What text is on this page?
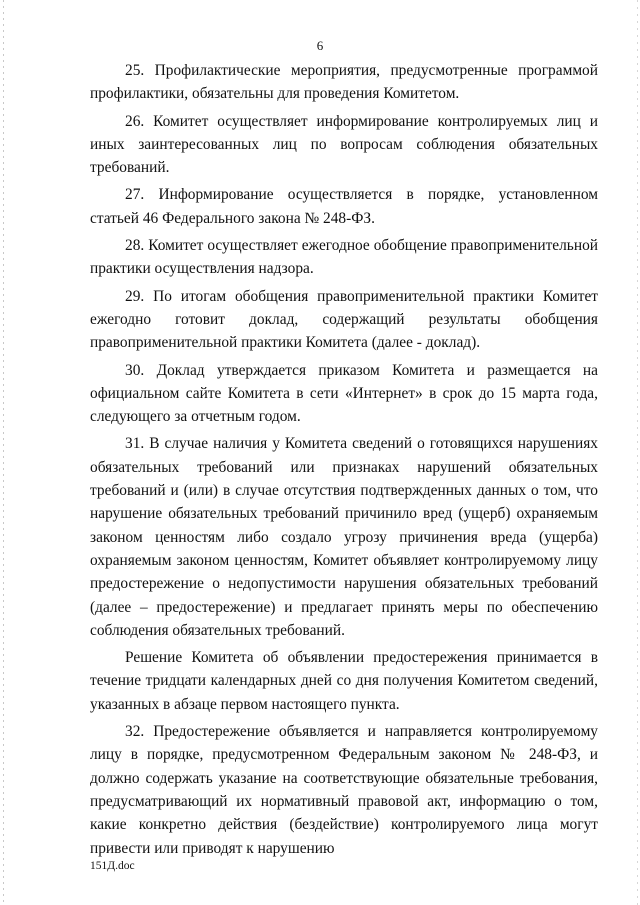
6

25. Профилактические мероприятия, предусмотренные программой профилактики, обязательны для проведения Комитетом.

26. Комитет осуществляет информирование контролируемых лиц и иных заинтересованных лиц по вопросам соблюдения обязательных требований.

27. Информирование осуществляется в порядке, установленном статьей 46 Федерального закона № 248-ФЗ.

28. Комитет осуществляет ежегодное обобщение правоприменительной практики осуществления надзора.

29. По итогам обобщения правоприменительной практики Комитет ежегодно готовит доклад, содержащий результаты обобщения правоприменительной практики Комитета (далее - доклад).

30. Доклад утверждается приказом Комитета и размещается на официальном сайте Комитета в сети «Интернет» в срок до 15 марта года, следующего за отчетным годом.

31. В случае наличия у Комитета сведений о готовящихся нарушениях обязательных требований или признаках нарушений обязательных требований и (или) в случае отсутствия подтвержденных данных о том, что нарушение обязательных требований причинило вред (ущерб) охраняемым законом ценностям либо создало угрозу причинения вреда (ущерба) охраняемым законом ценностям, Комитет объявляет контролируемому лицу предостережение о недопустимости нарушения обязательных требований (далее – предостережение) и предлагает принять меры по обеспечению соблюдения обязательных требований.

Решение Комитета об объявлении предостережения принимается в течение тридцати календарных дней со дня получения Комитетом сведений, указанных в абзаце первом настоящего пункта.

32. Предостережение объявляется и направляется контролируемому лицу в порядке, предусмотренном Федеральным законом № 248-ФЗ, и должно содержать указание на соответствующие обязательные требования, предусматривающий их нормативный правовой акт, информацию о том, какие конкретно действия (бездействие) контролируемого лица могут привести или приводят к нарушению

151Д.doc
